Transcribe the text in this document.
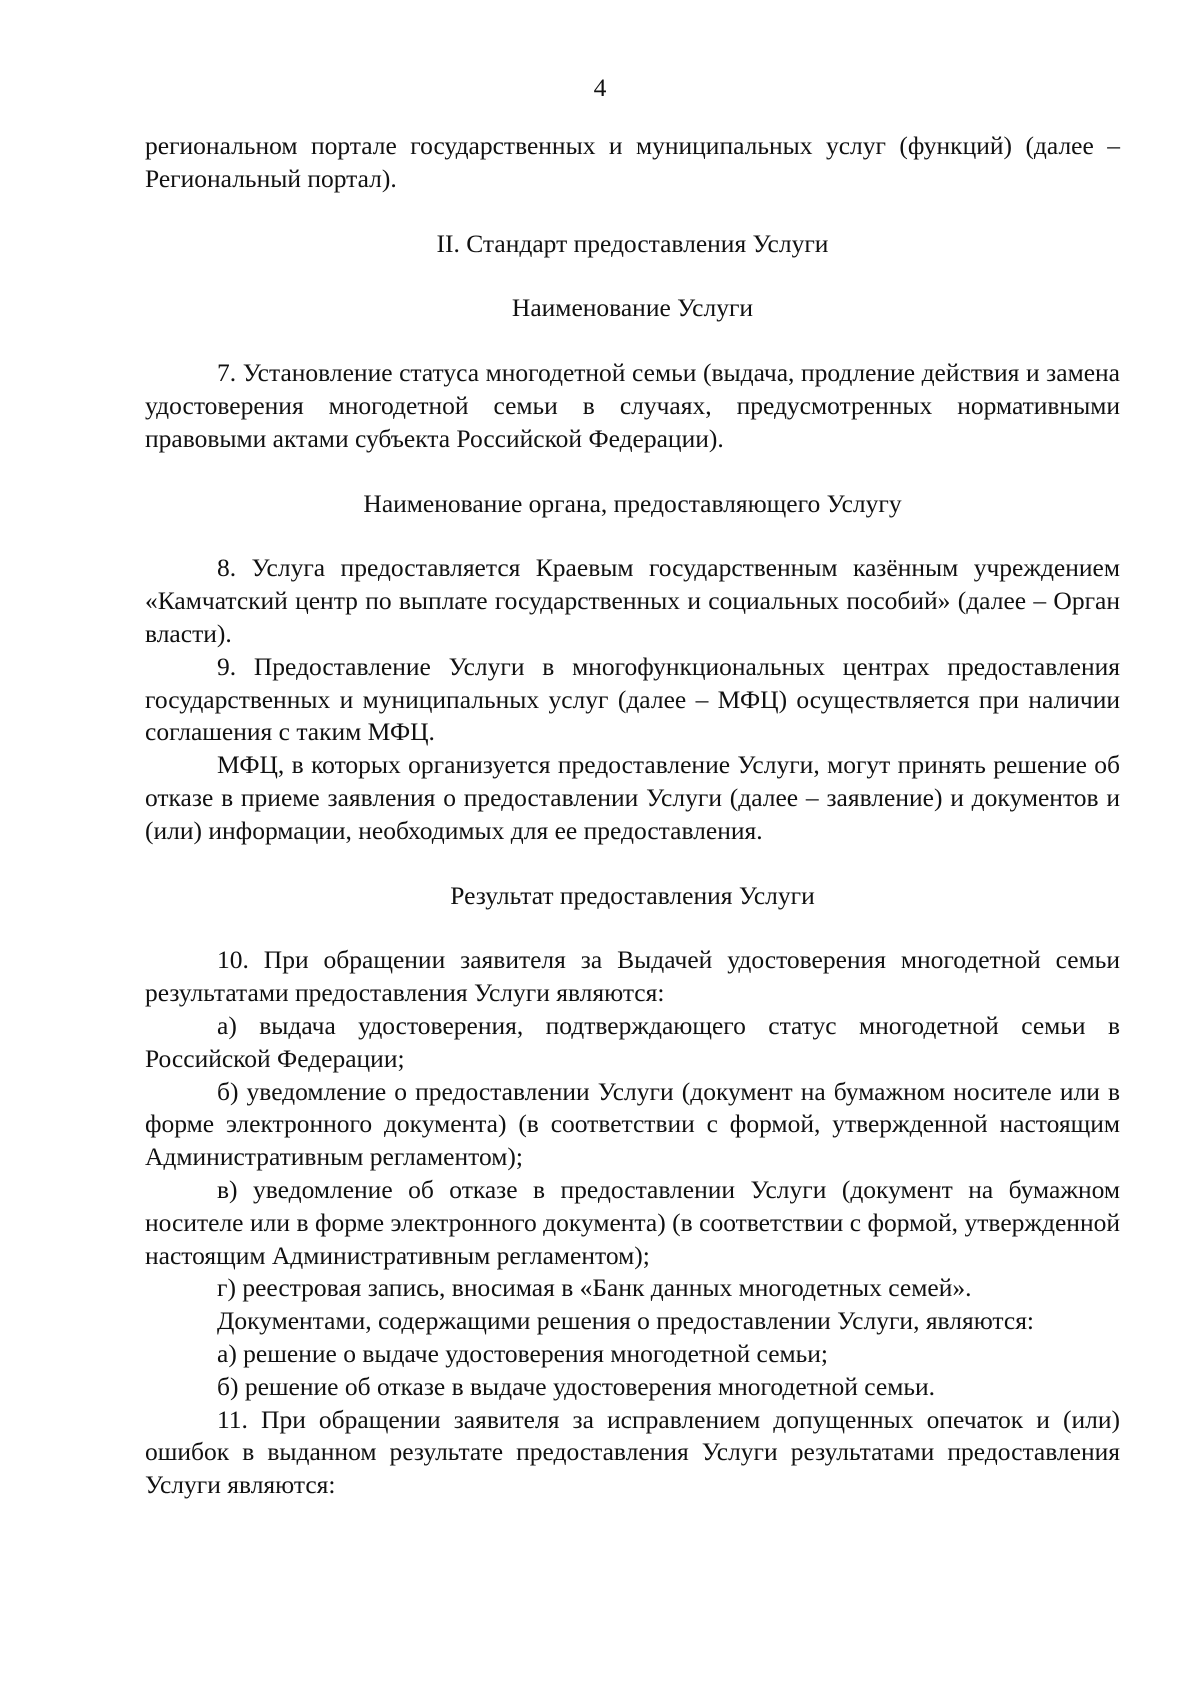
4

региональном портале государственных и муниципальных услуг (функций) (далее – Региональный портал).

II. Стандарт предоставления Услуги
Наименование Услуги

7. Установление статуса многодетной семьи (выдача, продление действия и замена удостоверения многодетной семьи в случаях, предусмотренных нормативными правовыми актами субъекта Российской Федерации).

Наименование органа, предоставляющего Услугу

8. Услуга предоставляется Краевым государственным казённым учреждением «Камчатский центр по выплате государственных и социальных пособий» (далее – Орган власти).

9. Предоставление Услуги в многофункциональных центрах предоставления государственных и муниципальных услуг (далее – МФЦ) осуществляется при наличии соглашения с таким МФЦ.

МФЦ, в которых организуется предоставление Услуги, могут принять решение об отказе в приеме заявления о предоставлении Услуги (далее – заявление) и документов и (или) информации, необходимых для ее предоставления.

Результат предоставления Услуги

10. При обращении заявителя за Выдачей удостоверения многодетной семьи результатами предоставления Услуги являются:

а) выдача удостоверения, подтверждающего статус многодетной семьи в Российской Федерации;

б) уведомление о предоставлении Услуги (документ на бумажном носителе или в форме электронного документа) (в соответствии с формой, утвержденной настоящим Административным регламентом);

в) уведомление об отказе в предоставлении Услуги (документ на бумажном носителе или в форме электронного документа) (в соответствии с формой, утвержденной настоящим Административным регламентом);

г) реестровая запись, вносимая в «Банк данных многодетных семей».

Документами, содержащими решения о предоставлении Услуги, являются:

а) решение о выдаче удостоверения многодетной семьи;

б) решение об отказе в выдаче удостоверения многодетной семьи.

11. При обращении заявителя за исправлением допущенных опечаток и (или) ошибок в выданном результате предоставления Услуги результатами предоставления Услуги являются:
